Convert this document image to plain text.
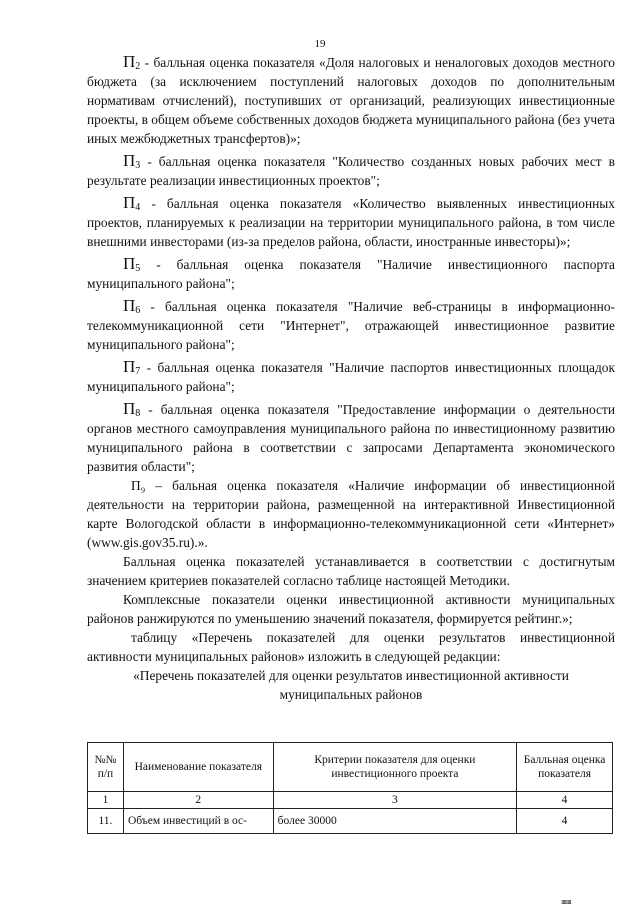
19

$П_2$ - балльная оценка показателя «Доля налоговых и неналоговых доходов местного бюджета (за исключением поступлений налоговых доходов по дополнительным нормативам отчислений), поступивших от организаций, реализующих инвестиционные проекты, в общем объеме собственных доходов бюджета муниципального района (без учета иных межбюджетных трансфертов)»;

$П_3$ - балльная оценка показателя "Количество созданных новых рабочих мест в результате реализации инвестиционных проектов";

$П_4$ - балльная оценка показателя «Количество выявленных инвестиционных проектов, планируемых к реализации на территории муниципального района, в том числе внешними инвесторами (из-за пределов района, области, иностранные инвесторы)»;

$П_5$ - балльная оценка показателя "Наличие инвестиционного паспорта муниципального района";

$П_6$ - балльная оценка показателя "Наличие веб-страницы в информационно-телекоммуникационной сети "Интернет", отражающей инвестиционное развитие муниципального района";

$П_7$ - балльная оценка показателя "Наличие паспортов инвестиционных площадок муниципального района";

$П_8$ - балльная оценка показателя "Предоставление информации о деятельности органов местного самоуправления муниципального района по инвестиционному развитию муниципального района в соответствии с запросами Департамента экономического развития области";

П₉ – бальная оценка показателя «Наличие информации об инвестиционной деятельности на территории района, размещенной на интерактивной Инвестиционной карте Вологодской области в информационно-телекоммуникационной сети «Интернет» (www.gis.gov35.ru).».

Балльная оценка показателей устанавливается в соответствии с достигнутым значением критериев показателей согласно таблице настоящей Методики.

Комплексные показатели оценки инвестиционной активности муниципальных районов ранжируются по уменьшению значений показателя, формируется рейтинг.»;

таблицу «Перечень показателей для оценки результатов инвестиционной активности муниципальных районов» изложить в следующей редакции:

«Перечень показателей для оценки результатов инвестиционной активности муниципальных районов

№№ п/п	Наименование показателя	Критерии показателя для оценки инвестиционного проекта	Балльная оценка показателя
1	2	3	4
11.	Объем инвестиций в ос-	более 30000	4
ıııııııı
